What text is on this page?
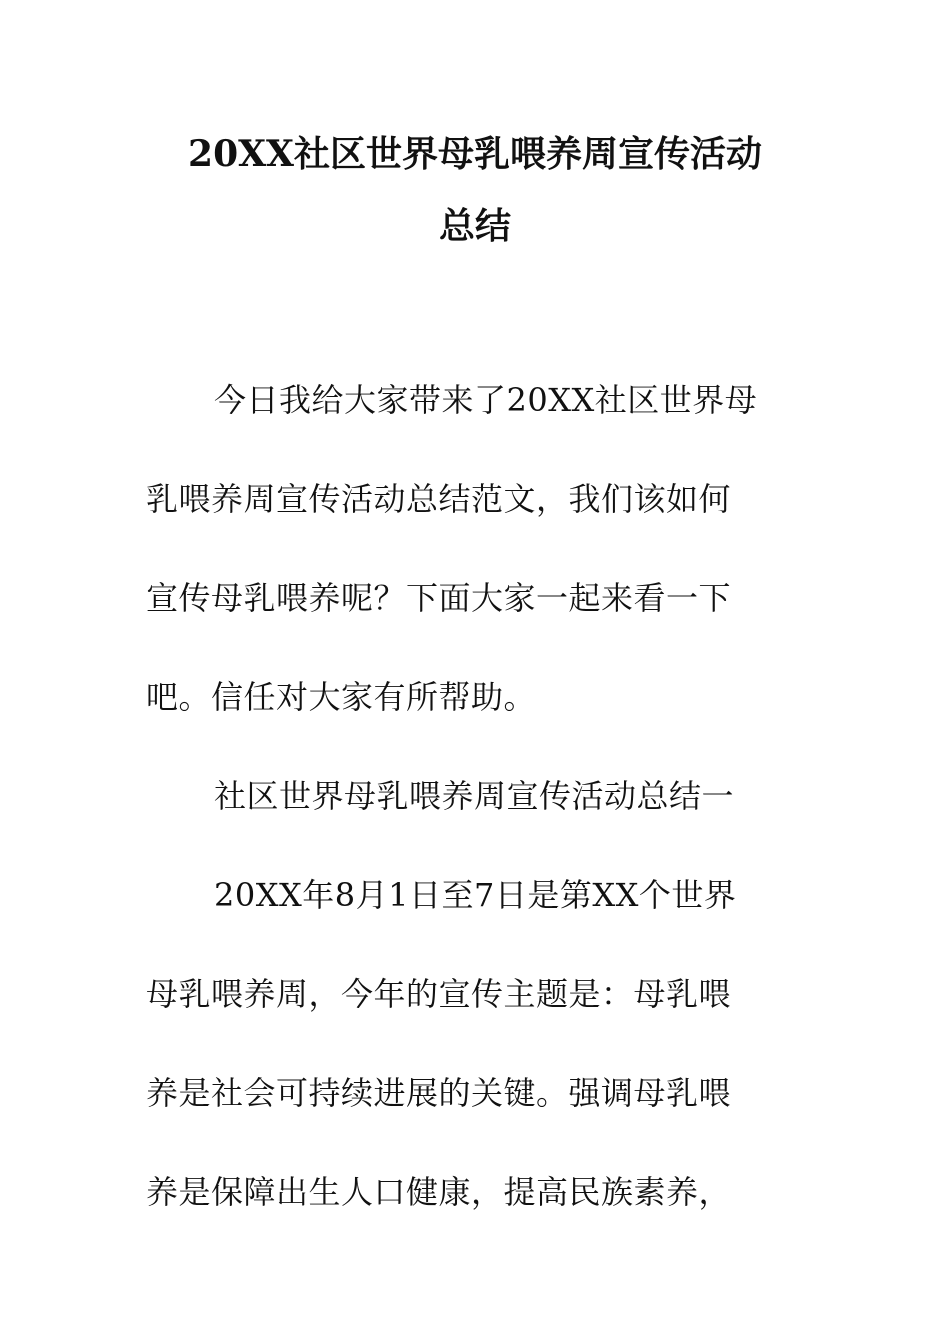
20XX社区世界母乳喂养周宣传活动
总结
今日我给大家带来了20XX社区世界母
乳喂养周宣传活动总结范文，我们该如何
宣传母乳喂养呢？下面大家一起来看一下
吧。信任对大家有所帮助。
社区世界母乳喂养周宣传活动总结一
20XX年8月1日至7日是第XX个世界
母乳喂养周，今年的宣传主题是：母乳喂
养是社会可持续进展的关键。强调母乳喂
养是保障出生人口健康，提高民族素养，
